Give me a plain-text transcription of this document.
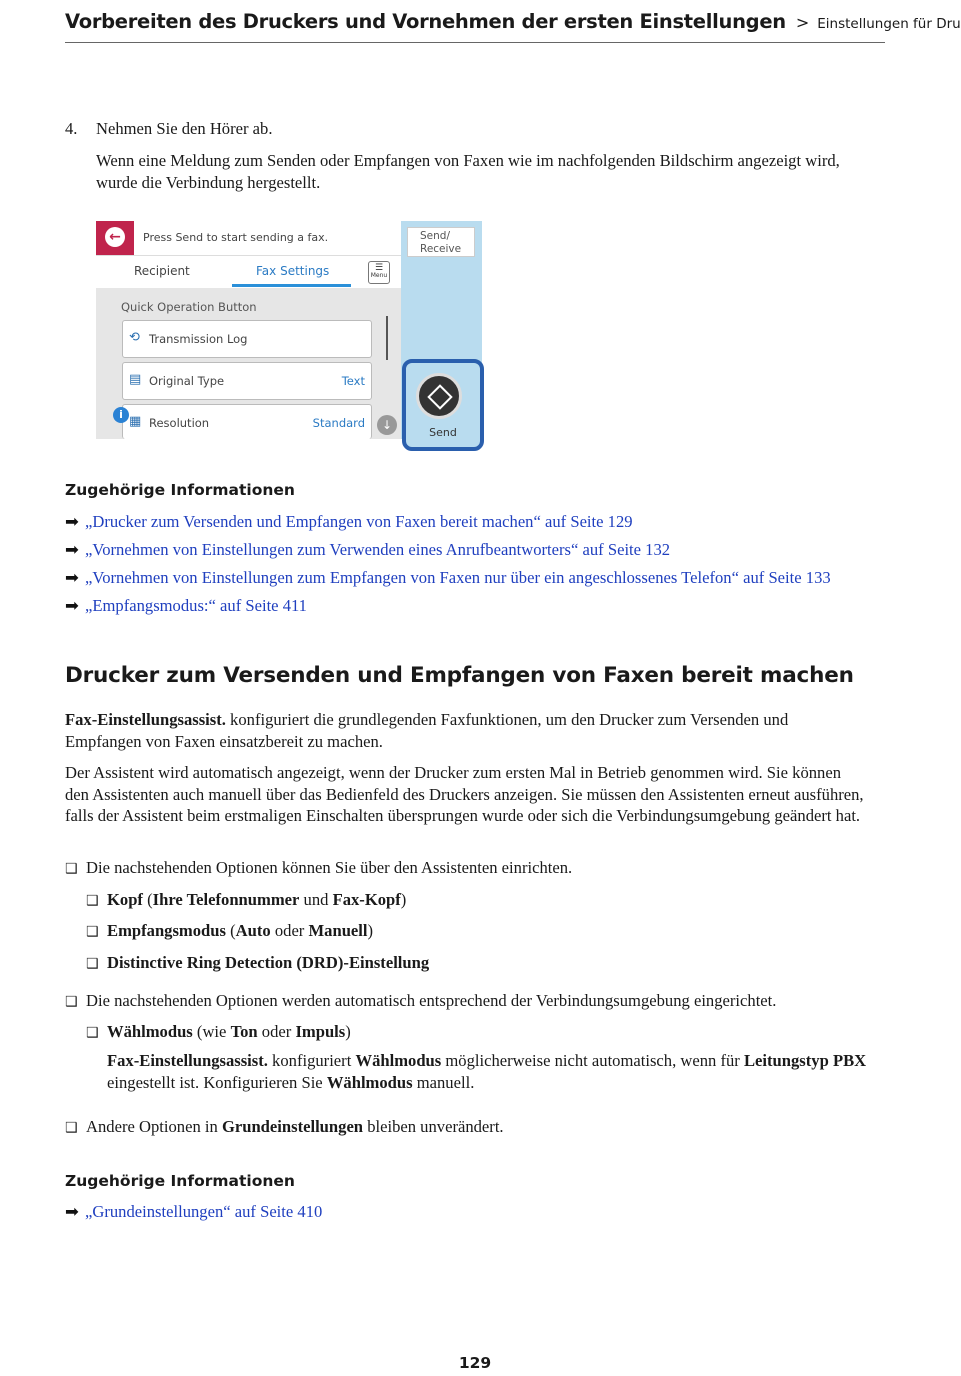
Vorbereiten des Druckers und Vornehmen der ersten Einstellungen > Einstellungen für Dru
4. Nehmen Sie den Hörer ab.
Wenn eine Meldung zum Senden oder Empfangen von Faxen wie im nachfolgenden Bildschirm angezeigt wird, wurde die Verbindung hergestellt.
←	Press Send to start sending a fax.
Recipient	Fax Settings	☰
Menu
Quick Operation Button
⟲ Transmission Log
▤ Original Type	Text
▦ Resolution	Standard	↓
i
Send/ Receive
Send
Zugehörige Informationen
➡ „Drucker zum Versenden und Empfangen von Faxen bereit machen“ auf Seite 129
➡ „Vornehmen von Einstellungen zum Verwenden eines Anrufbeantworters“ auf Seite 132
➡ „Vornehmen von Einstellungen zum Empfangen von Faxen nur über ein angeschlossenes Telefon“ auf Seite 133
➡ „Empfangsmodus:“ auf Seite 411
Drucker zum Versenden und Empfangen von Faxen bereit machen
Fax-Einstellungsassist. konfiguriert die grundlegenden Faxfunktionen, um den Drucker zum Versenden und Empfangen von Faxen einsatzbereit zu machen.
Der Assistent wird automatisch angezeigt, wenn der Drucker zum ersten Mal in Betrieb genommen wird. Sie können den Assistenten auch manuell über das Bedienfeld des Druckers anzeigen. Sie müssen den Assistenten erneut ausführen, falls der Assistent beim erstmaligen Einschalten übersprungen wurde oder sich die Verbindungsumgebung geändert hat.
❑ Die nachstehenden Optionen können Sie über den Assistenten einrichten.
❑ Kopf (Ihre Telefonnummer und Fax-Kopf)
❑ Empfangsmodus (Auto oder Manuell)
❑ Distinctive Ring Detection (DRD)-Einstellung
❑ Die nachstehenden Optionen werden automatisch entsprechend der Verbindungsumgebung eingerichtet.
❑ Wählmodus (wie Ton oder Impuls)
Fax-Einstellungsassist. konfiguriert Wählmodus möglicherweise nicht automatisch, wenn für Leitungstyp PBX eingestellt ist. Konfigurieren Sie Wählmodus manuell.
❑ Andere Optionen in Grundeinstellungen bleiben unverändert.
Zugehörige Informationen
➡ „Grundeinstellungen“ auf Seite 410
129
